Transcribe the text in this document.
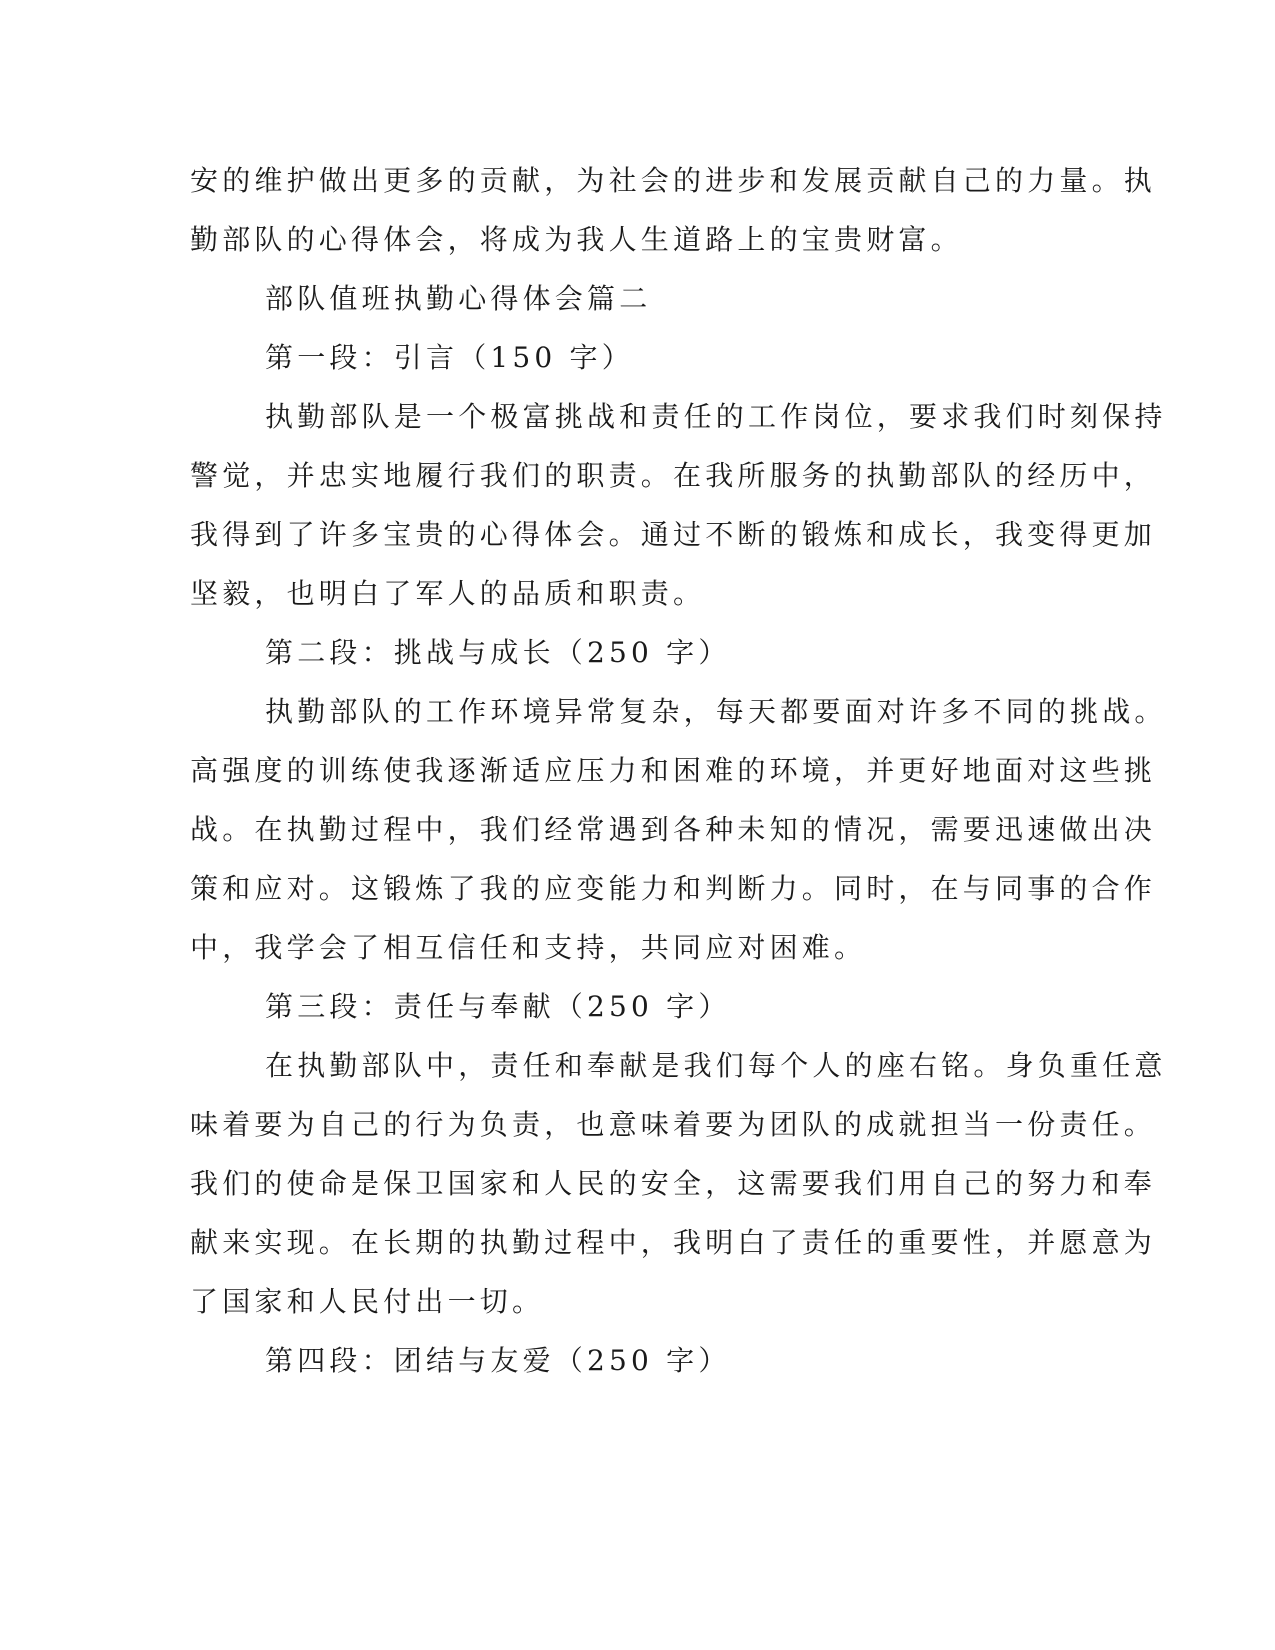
安的维护做出更多的贡献，为社会的进步和发展贡献自己的力量。执
勤部队的心得体会，将成为我人生道路上的宝贵财富。
部队值班执勤心得体会篇二
第一段：引言（150 字）
执勤部队是一个极富挑战和责任的工作岗位，要求我们时刻保持
警觉，并忠实地履行我们的职责。在我所服务的执勤部队的经历中，
我得到了许多宝贵的心得体会。通过不断的锻炼和成长，我变得更加
坚毅，也明白了军人的品质和职责。
第二段：挑战与成长（250 字）
执勤部队的工作环境异常复杂，每天都要面对许多不同的挑战。
高强度的训练使我逐渐适应压力和困难的环境，并更好地面对这些挑
战。在执勤过程中，我们经常遇到各种未知的情况，需要迅速做出决
策和应对。这锻炼了我的应变能力和判断力。同时，在与同事的合作
中，我学会了相互信任和支持，共同应对困难。
第三段：责任与奉献（250 字）
在执勤部队中，责任和奉献是我们每个人的座右铭。身负重任意
味着要为自己的行为负责，也意味着要为团队的成就担当一份责任。
我们的使命是保卫国家和人民的安全，这需要我们用自己的努力和奉
献来实现。在长期的执勤过程中，我明白了责任的重要性，并愿意为
了国家和人民付出一切。
第四段：团结与友爱（250 字）
